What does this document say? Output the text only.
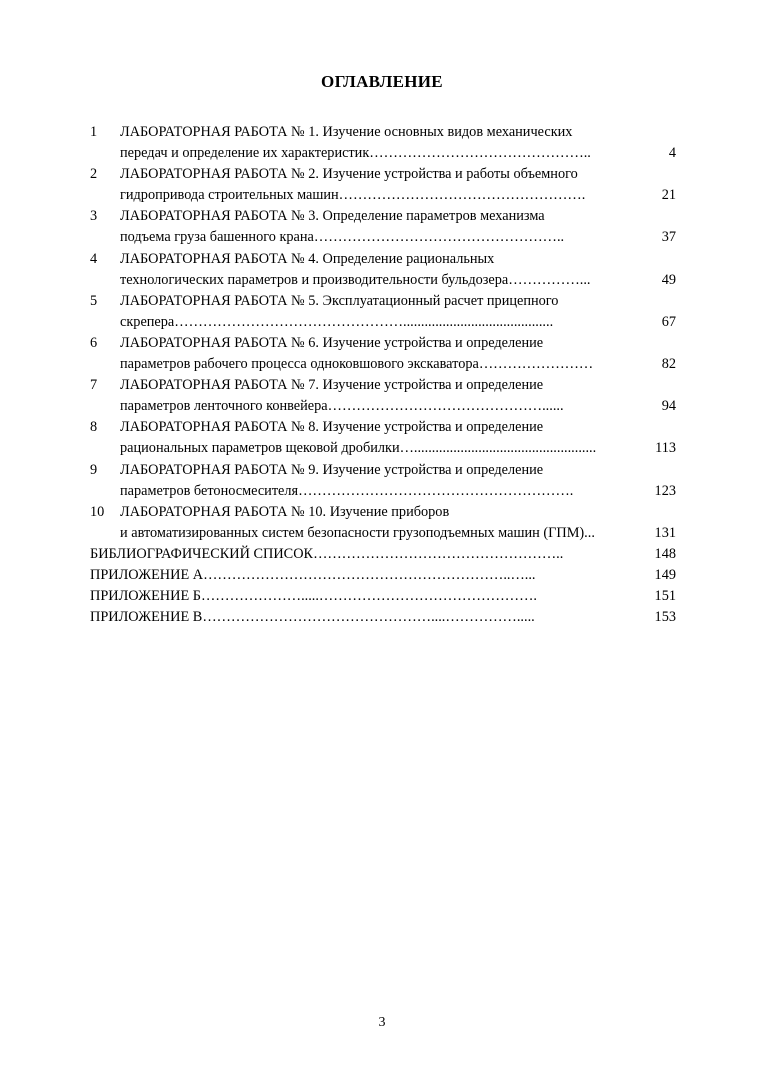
ОГЛАВЛЕНИЕ
1	ЛАБОРАТОРНАЯ РАБОТА № 1. Изучение основных видов механических
передач и определение их характеристик ………………………………………..	4
2	ЛАБОРАТОРНАЯ РАБОТА № 2. Изучение устройства и работы объемного
гидропривода строительных машин …………………………………………….	21
3	ЛАБОРАТОРНАЯ РАБОТА № 3. Определение параметров механизма
подъема груза башенного крана ……………………………………………..	37
4	ЛАБОРАТОРНАЯ РАБОТА № 4. Определение рациональных
технологических параметров и производительности бульдозера ……………...	49
5	ЛАБОРАТОРНАЯ РАБОТА № 5. Эксплуатационный расчет прицепного
скрепера …………………………………………..........................................	67
6	ЛАБОРАТОРНАЯ РАБОТА № 6. Изучение устройства и определение
параметров рабочего процесса одноковшового экскаватора ……………………	82
7	ЛАБОРАТОРНАЯ РАБОТА № 7. Изучение устройства и определение
параметров ленточного конвейера ………………………………………......	94
8	ЛАБОРАТОРНАЯ РАБОТА № 8. Изучение устройства и определение
рациональных параметров щековой дробилки …...................................................	113
9	ЛАБОРАТОРНАЯ РАБОТА № 9. Изучение устройства и определение
параметров бетоносмесителя ………………………………………………….	123
10	ЛАБОРАТОРНАЯ РАБОТА № 10. Изучение приборов
и автоматизированных систем безопасности грузоподъемных машин (ГПМ) ...	131
БИБЛИОГРАФИЧЕСКИЙ СПИСОК ……………………………………………..	148
ПРИЛОЖЕНИЕ А ………………………………………………………..…...	149
ПРИЛОЖЕНИЕ Б ………………….....……………………………………….	151
ПРИЛОЖЕНИЕ В …………………………………………....…………….....	153
3
